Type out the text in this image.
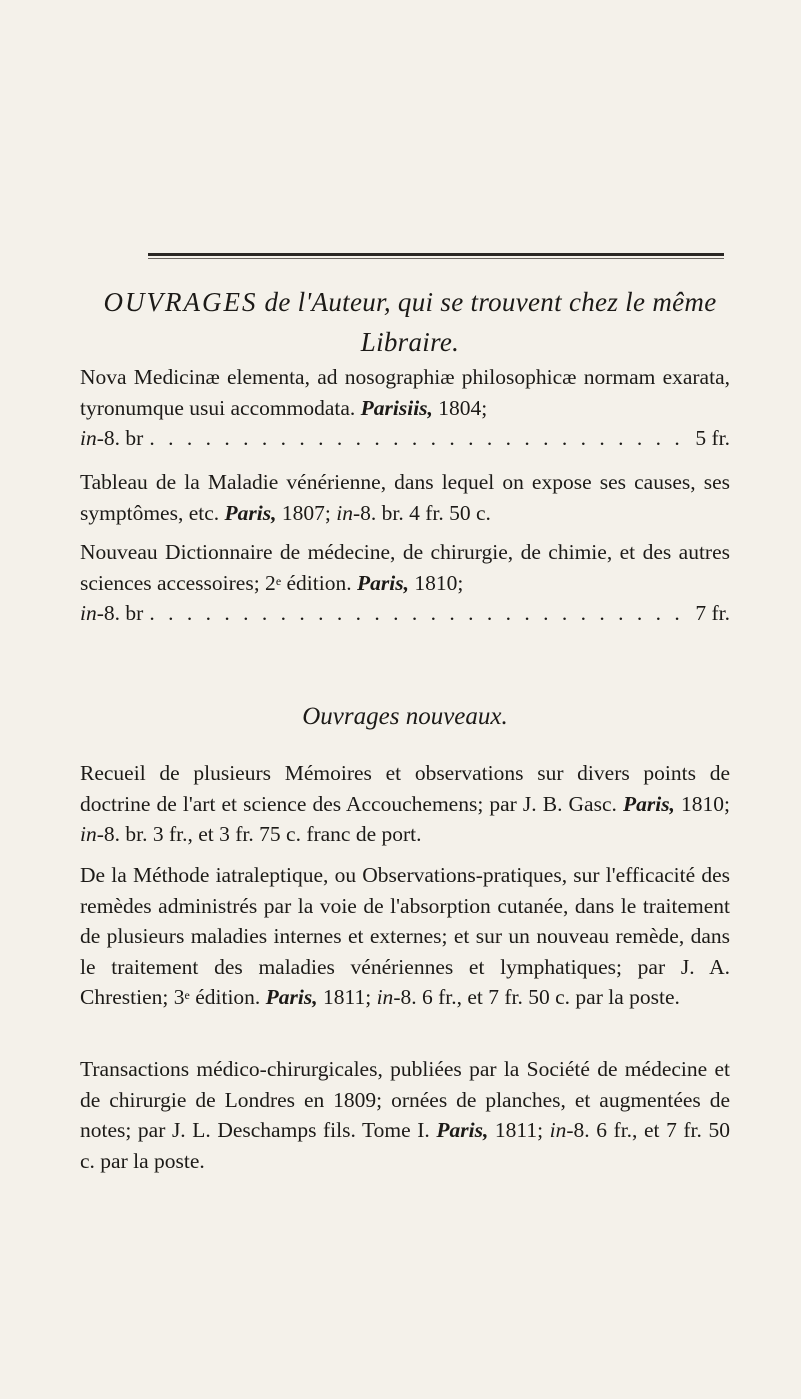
OUVRAGES de l'Auteur, qui se trouvent chez le même
Libraire.
Nova Medicinæ elementa, ad nosographiæ philosophicæ normam exarata, tyronumque usui accommodata. Parisiis, 1804;
in-8. br . . .	5 fr.
Tableau de la Maladie vénérienne, dans lequel on expose ses causes, ses symptômes, etc. Paris, 1807; in-8. br. 4 fr. 50 c.
Nouveau Dictionnaire de médecine, de chirurgie, de chimie, et des autres sciences accessoires; 2e édition. Paris, 1810;
in-8. br . . .	7 fr.
Ouvrages nouveaux.
Recueil de plusieurs Mémoires et observations sur divers points de doctrine de l'art et science des Accouchemens; par J. B. Gasc. Paris, 1810; in-8. br. 3 fr., et 3 fr. 75 c. franc de port.
De la Méthode iatraleptique, ou Observations-pratiques, sur l'efficacité des remèdes administrés par la voie de l'absorption cutanée, dans le traitement de plusieurs maladies internes et externes; et sur un nouveau remède, dans le traitement des maladies vénériennes et lymphatiques; par J. A. Chrestien; 3e édition. Paris, 1811; in-8. 6 fr., et 7 fr. 50 c. par la poste.
Transactions médico-chirurgicales, publiées par la Société de médecine et de chirurgie de Londres en 1809; ornées de planches, et augmentées de notes; par J. L. Deschamps fils. Tome I. Paris, 1811; in-8. 6 fr., et 7 fr. 50 c. par la poste.
